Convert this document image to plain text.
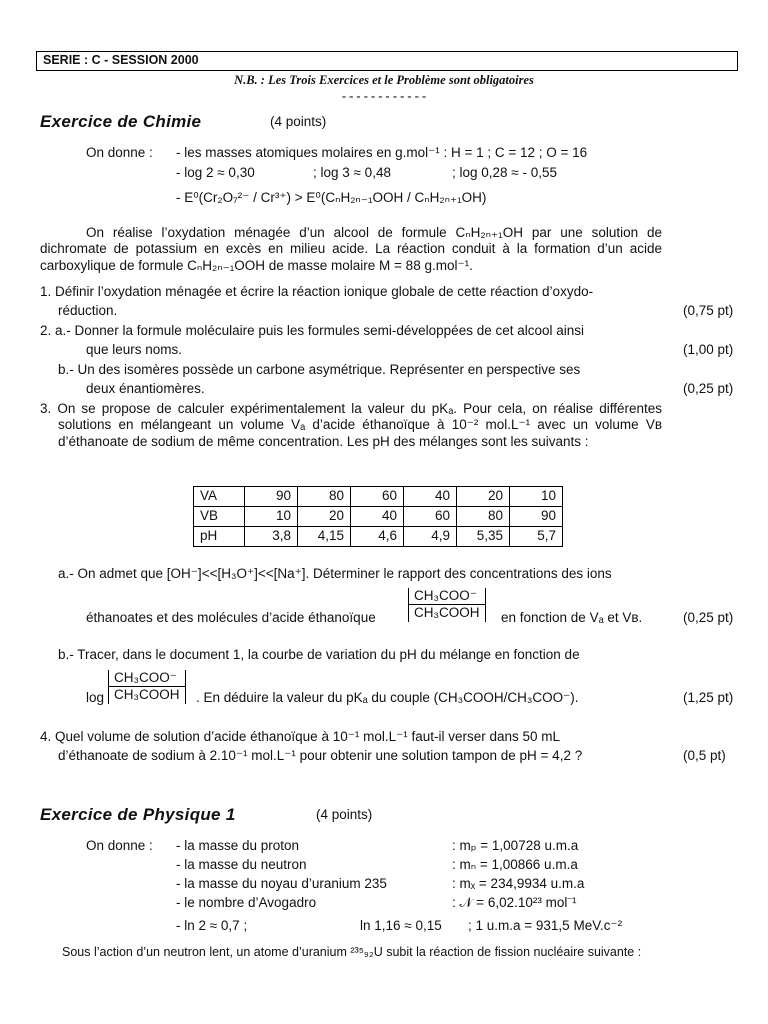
SERIE : C - SESSION 2000
N.B. : Les Trois Exercices et le Problème sont obligatoires
- - - - - - - - - - - -
Exercice de Chimie	(4 points)
On donne : - les masses atomiques molaires en g.mol⁻¹ : H = 1 ; C = 12 ; O = 16
- log 2 ≈ 0,30	; log 3 ≈ 0,48	; log 0,28 ≈ - 0,55
- E⁰(Cr₂O₇²⁻ / Cr³⁺) > E⁰(CₙH₂ₙ₋₁OOH / CₙH₂ₙ₊₁OH)
On réalise l’oxydation ménagée d’un alcool de formule CₙH₂ₙ₊₁OH par une solution de dichromate de potassium en excès en milieu acide. La réaction conduit à la formation d’un acide carboxylique de formule CₙH₂ₙ₋₁OOH de masse molaire M = 88 g.mol⁻¹.
1. Définir l’oxydation ménagée et écrire la réaction ionique globale de cette réaction d’oxydo-
réduction.	(0,75 pt)
2. a.- Donner la formule moléculaire puis les formules semi-développées de cet alcool ainsi
que leurs noms.	(1,00 pt)
b.- Un des isomères possède un carbone asymétrique. Représenter en perspective ses
deux énantiomères.	(0,25 pt)
3. On se propose de calculer expérimentalement la valeur du pKₐ. Pour cela, on réalise différentes solutions en mélangeant un volume Vₐ d’acide éthanoïque à 10⁻² mol.L⁻¹ avec un volume Vʙ d’éthanoate de sodium de même concentration. Les pH des mélanges sont les suivants :
VA	90	80	60	40	20	10
VB	10	20	40	60	80	90
pH	3,8	4,15	4,6	4,9	5,35	5,7
a.- On admet que [OH⁻]<<[H₃O⁺]<<[Na⁺]. Déterminer le rapport des concentrations des ions
éthanoates et des molécules d’acide éthanoïque
CH₃COO⁻
CH₃COOH	en fonction de Vₐ et Vʙ.	(0,25 pt)
b.- Tracer, dans le document 1, la courbe de variation du pH du mélange en fonction de
log
CH₃COO⁻
CH₃COOH	. En déduire la valeur du pKₐ du couple (CH₃COOH/CH₃COO⁻).	(1,25 pt)
4. Quel volume de solution d’acide éthanoïque à 10⁻¹ mol.L⁻¹ faut-il verser dans 50 mL
d’éthanoate de sodium à 2.10⁻¹ mol.L⁻¹ pour obtenir une solution tampon de pH = 4,2 ?	(0,5 pt)
Exercice de Physique 1	(4 points)
On donne : - la masse du proton	: mₚ = 1,00728 u.m.a
- la masse du neutron	: mₙ = 1,00866 u.m.a
- la masse du noyau d’uranium 235	: mₓ = 234,9934 u.m.a
- le nombre d’Avogadro	: 𝒩 = 6,02.10²³ mol⁻¹
- ln 2 ≈ 0,7 ;	ln 1,16 ≈ 0,15 ; 1 u.m.a = 931,5 MeV.c⁻²
Sous l’action d’un neutron lent, un atome d’uranium ²³⁵₉₂U subit la réaction de fission nucléaire suivante :
